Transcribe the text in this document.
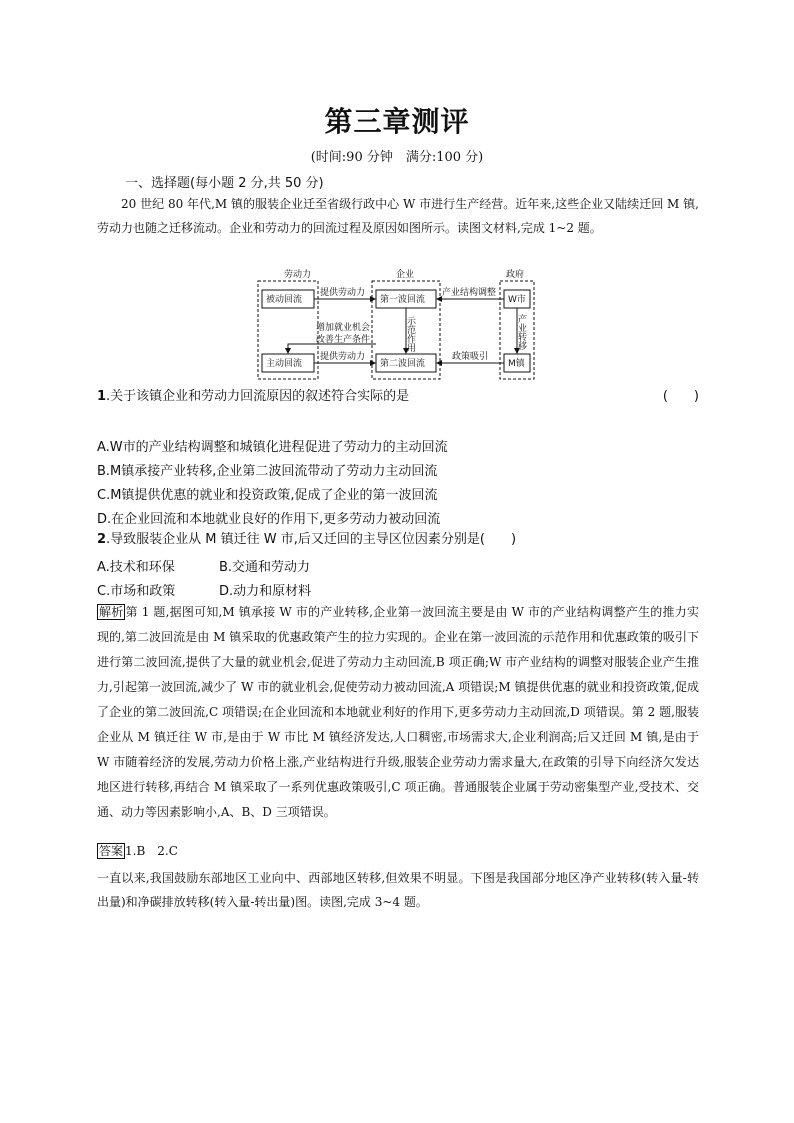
第三章测评
(时间:90 分钟　满分:100 分)
一、选择题(每小题 2 分,共 50 分)
20 世纪 80 年代,M 镇的服装企业迁至省级行政中心 W 市进行生产经营。近年来,这些企业又陆续迁回 M 镇,劳动力也随之迁移流动。企业和劳动力的回流过程及原因如图所示。读图文材料,完成 1~2 题。
劳动力	企业	政府
被动回流
主动回流
第一波回流
第二波回流
W市
M镇
提供劳动力
提供劳动力
产业结构调整
政策吸引
增加就业机会
改善生产条件	示范作用	产业转移
1.关于该镇企业和劳动力回流原因的叙述符合实际的是	(　　)
A.W市的产业结构调整和城镇化进程促进了劳动力的主动回流
B.M镇承接产业转移,企业第二波回流带动了劳动力主动回流
C.M镇提供优惠的就业和投资政策,促成了企业的第一波回流
D.在企业回流和本地就业良好的作用下,更多劳动力被动回流
2.导致服装企业从 M 镇迁往 W 市,后又迁回的主导区位因素分别是(　　)
A.技术和环保	B.交通和劳动力
C.市场和政策	D.动力和原材料
解析 第 1 题,据图可知,M 镇承接 W 市的产业转移,企业第一波回流主要是由 W 市的产业结构调整产生的推力实现的,第二波回流是由 M 镇采取的优惠政策产生的拉力实现的。企业在第一波回流的示范作用和优惠政策的吸引下进行第二波回流,提供了大量的就业机会,促进了劳动力主动回流,B 项正确;W 市产业结构的调整对服装企业产生推力,引起第一波回流,减少了 W 市的就业机会,促使劳动力被动回流,A 项错误;M 镇提供优惠的就业和投资政策,促成了企业的第二波回流,C 项错误;在企业回流和本地就业利好的作用下,更多劳动力主动回流,D 项错误。第 2 题,服装企业从 M 镇迁往 W 市,是由于 W 市比 M 镇经济发达,人口稠密,市场需求大,企业利润高;后又迁回 M 镇,是由于 W 市随着经济的发展,劳动力价格上涨,产业结构进行升级,服装企业劳动力需求量大,在政策的引导下向经济欠发达地区进行转移,再结合 M 镇采取了一系列优惠政策吸引,C 项正确。普通服装企业属于劳动密集型产业,受技术、交通、动力等因素影响小,A、B、D 三项错误。
答案 1.B　2.C
一直以来,我国鼓励东部地区工业向中、西部地区转移,但效果不明显。下图是我国部分地区净产业转移(转入量-转出量)和净碳排放转移(转入量-转出量)图。读图,完成 3~4 题。
